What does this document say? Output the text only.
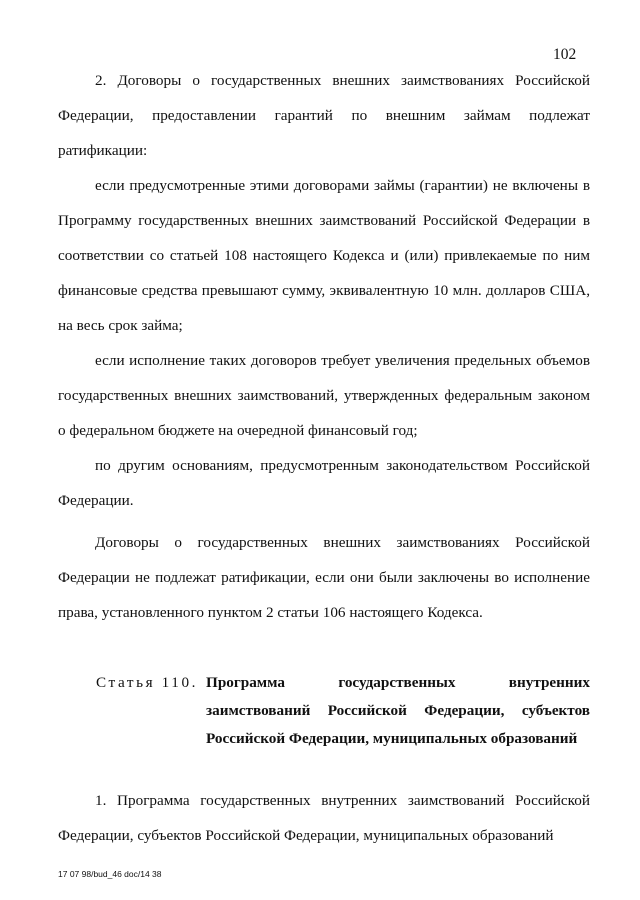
102

2. Договоры о государственных внешних заимствованиях Российской Федерации, предоставлении гарантий по внешним займам подлежат ратификации:

если предусмотренные этими договорами займы (гарантии) не включены в Программу государственных внешних заимствований Российской Федерации в соответствии со статьей 108 настоящего Кодекса и (или) привлекаемые по ним финансовые средства превышают сумму, эквивалентную 10 млн. долларов США, на весь срок займа;

если исполнение таких договоров требует увеличения предельных объемов государственных внешних заимствований, утвержденных федеральным законом о федеральном бюджете на очередной финансовый год;

по другим основаниям, предусмотренным законодательством Российской Федерации.

Договоры о государственных внешних заимствованиях Российской Федерации не подлежат ратификации, если они были заключены во исполнение права, установленного пунктом 2 статьи 106 настоящего Кодекса.

Статья 110. Программа государственных внутренних заимствований Российской Федерации, субъектов Российской Федерации, муниципальных образований

1. Программа государственных внутренних заимствований Российской Федерации, субъектов Российской Федерации, муниципальных образований

17 07 98/bud_46 doc/14 38
